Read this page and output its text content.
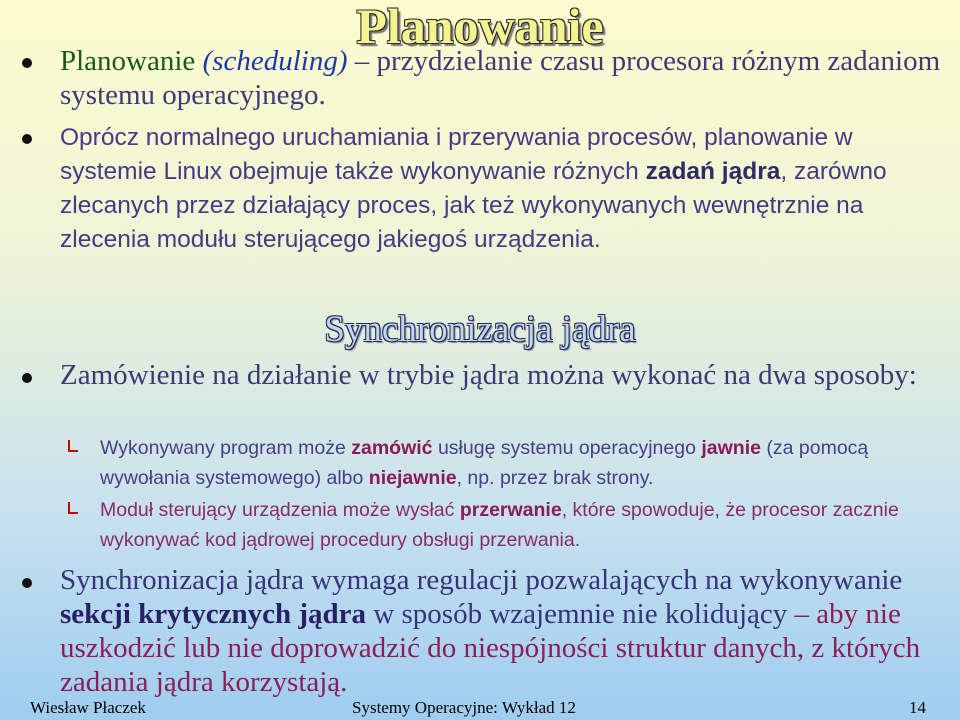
Planowanie
Planowanie (scheduling) – przydzielanie czasu procesora różnym zadaniom systemu operacyjnego.
Oprócz normalnego uruchamiania i przerywania procesów, planowanie w systemie Linux obejmuje także wykonywanie różnych zadań jądra, zarówno zlecanych przez działający proces, jak też wykonywanych wewnętrznie na zlecenia modułu sterującego jakiegoś urządzenia.
Synchronizacja jądra
Zamówienie na działanie w trybie jądra można wykonać na dwa sposoby:
Wykonywany program może zamówić usługę systemu operacyjnego jawnie (za pomocą wywołania systemowego) albo niejawnie, np. przez brak strony.
Moduł sterujący urządzenia może wysłać przerwanie, które spowoduje, że procesor zacznie wykonywać kod jądrowej procedury obsługi przerwania.
Synchronizacja jądra wymaga regulacji pozwalających na wykonywanie sekcji krytycznych jądra w sposób wzajemnie nie kolidujący – aby nie uszkodzić lub nie doprowadzić do niespójności struktur danych, z których zadania jądra korzystają.
Wiesław Płaczek	Systemy Operacyjne: Wykład 12	14
